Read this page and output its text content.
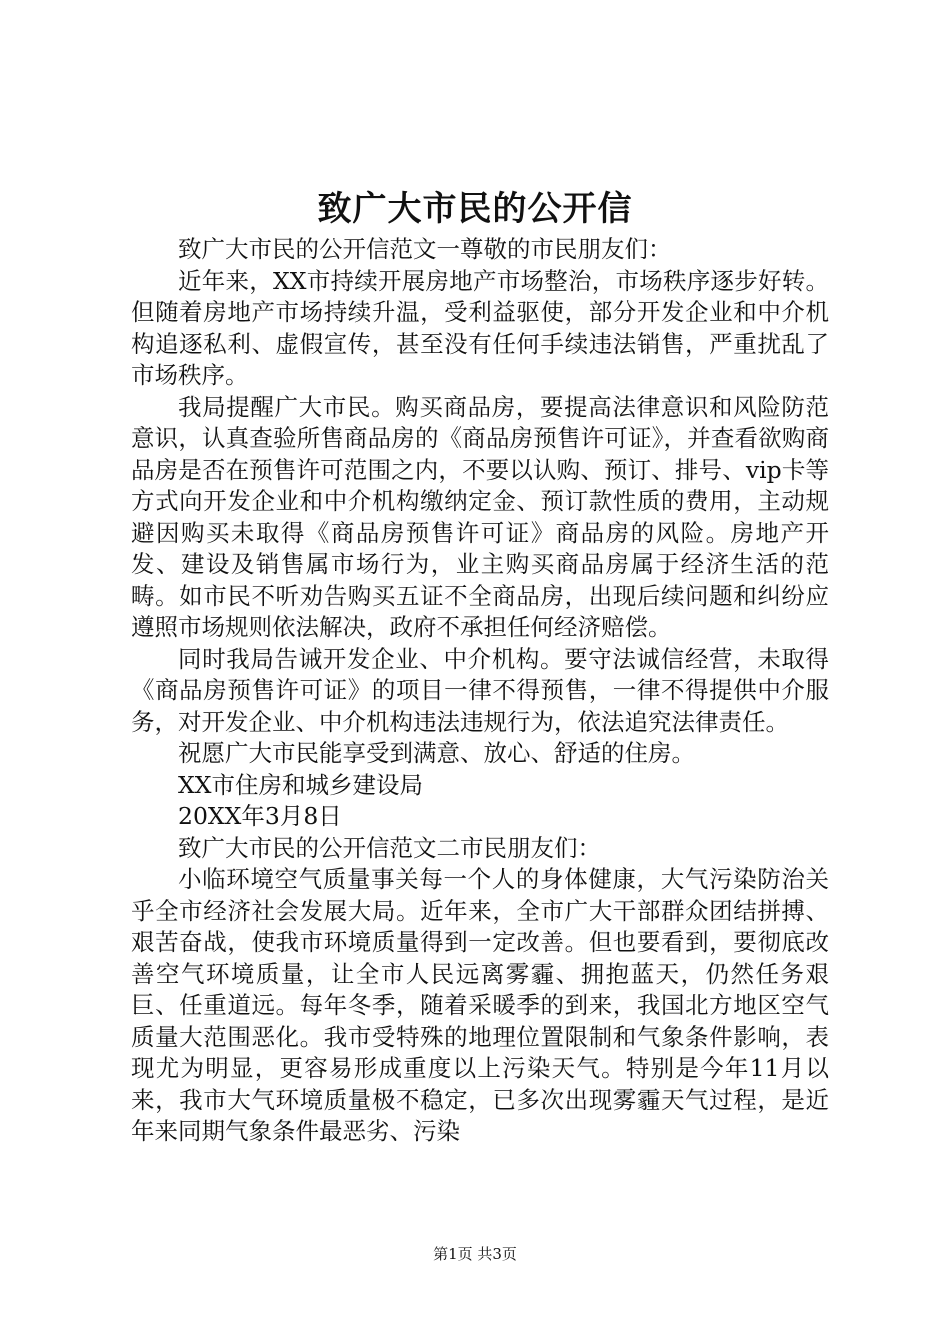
致广大市民的公开信

致广大市民的公开信范文一尊敬的市民朋友们：

近年来，XX市持续开展房地产市场整治，市场秩序逐步好转。但随着房地产市场持续升温，受利益驱使，部分开发企业和中介机构追逐私利、虚假宣传，甚至没有任何手续违法销售，严重扰乱了市场秩序。

我局提醒广大市民。购买商品房，要提高法律意识和风险防范意识，认真查验所售商品房的《商品房预售许可证》，并查看欲购商品房是否在预售许可范围之内，不要以认购、预订、排号、vip卡等方式向开发企业和中介机构缴纳定金、预订款性质的费用，主动规避因购买未取得《商品房预售许可证》商品房的风险。房地产开发、建设及销售属市场行为，业主购买商品房属于经济生活的范畴。如市民不听劝告购买五证不全商品房，出现后续问题和纠纷应遵照市场规则依法解决，政府不承担任何经济赔偿。

同时我局告诫开发企业、中介机构。要守法诚信经营，未取得《商品房预售许可证》的项目一律不得预售，一律不得提供中介服务，对开发企业、中介机构违法违规行为，依法追究法律责任。

祝愿广大市民能享受到满意、放心、舒适的住房。

XX市住房和城乡建设局

20XX年3月8日

致广大市民的公开信范文二市民朋友们：

小临环境空气质量事关每一个人的身体健康，大气污染防治关乎全市经济社会发展大局。近年来，全市广大干部群众团结拼搏、艰苦奋战，使我市环境质量得到一定改善。但也要看到，要彻底改善空气环境质量，让全市人民远离雾霾、拥抱蓝天，仍然任务艰巨、任重道远。每年冬季，随着采暖季的到来，我国北方地区空气质量大范围恶化。我市受特殊的地理位置限制和气象条件影响，表现尤为明显，更容易形成重度以上污染天气。特别是今年11月以来，我市大气环境质量极不稳定，已多次出现雾霾天气过程，是近年来同期气象条件最恶劣、污染

第1页 共3页
